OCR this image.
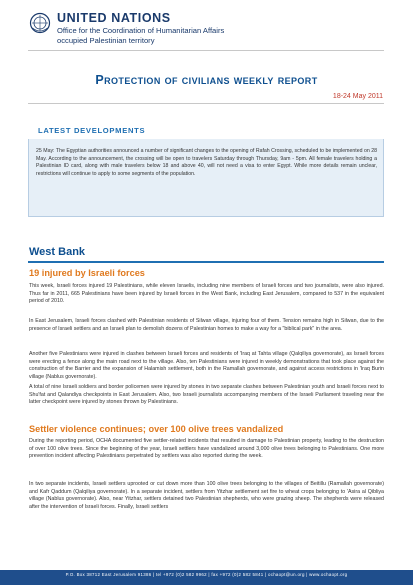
UNITED NATIONS
Office for the Coordination of Humanitarian Affairs
occupied Palestinian territory
Protection of civilians weekly report
18-24 May 2011
LATEST DEVELOPMENTS
25 May: The Egyptian authorities announced a number of significant changes to the opening of Rafah Crossing, scheduled to be implemented on 28 May. According to the announcement, the crossing will be open to travelers Saturday through Thursday, 9am - 5pm. All female travelers holding a Palestinian ID card, along with male travelers below 18 and above 40, will not need a visa to enter Egypt. While more details remain unclear, restrictions will continue to apply to some segments of the population.
West Bank
19 injured by Israeli forces
This week, Israeli forces injured 19 Palestinians, while eleven Israelis, including nine members of Israeli forces and two journalists, were also injured. Thus far in 2011, 665 Palestinians have been injured by Israeli forces in the West Bank, including East Jerusalem, compared to 537 in the equivalent period of 2010.
In East Jerusalem, Israeli forces clashed with Palestinian residents of Silwan village, injuring four of them. Tension remains high in Silwan, due to the presence of Israeli settlers and an Israeli plan to demolish dozens of Palestinian homes to make a way for a "biblical park" in the area.
Another five Palestinians were injured in clashes between Israeli forces and residents of 'Iraq at Tahta village (Qalqiliya governorate), as Israeli forces were erecting a fence along the main road next to the village. Also, ten Palestinians were injured in weekly demonstrations that took place against the construction of the Barrier and the expansion of Halamish settlement, both in the Ramallah governorate, and against access restrictions in 'Iraq Burin village (Nablus governorate).
A total of nine Israeli soldiers and border policemen were injured by stones in two separate clashes between Palestinian youth and Israeli forces next to Shu'fat and Qalandiya checkpoints in East Jerusalem. Also, two Israeli journalists accompanying members of the Israeli Parliament traveling near the latter checkpoint were injured by stones thrown by Palestinians.
Settler violence continues; over 100 olive trees vandalized
During the reporting period, OCHA documented five settler-related incidents that resulted in damage to Palestinian property, leading to the destruction of over 100 olive trees. Since the beginning of the year, Israeli settlers have vandalized around 3,000 olive trees belonging to Palestinians. One more prevention incident affecting Palestinians perpetrated by settlers was also reported during the week.
In two separate incidents, Israeli settlers uprooted or cut down more than 100 olive trees belonging to the villages of Beitillu (Ramallah governorate) and Kafr Qaddum (Qalqiliya governorate). In a separate incident, settlers from Yitzhar settlement set fire to wheat crops belonging to 'Asira al Qibliya village (Nablus governorate). Also, near Yitzhar, settlers detained two Palestinian shepherds, who were grazing sheep. The shepherds were released after the intervention of Israeli forces. Finally, Israeli settlers
P.O. Box 38712 East Jerusalem 91386 | tel +972 (0)2 582 9962 | fax +972 (0)2 582 5841 | ochaopt@un.org | www.ochaopt.org
